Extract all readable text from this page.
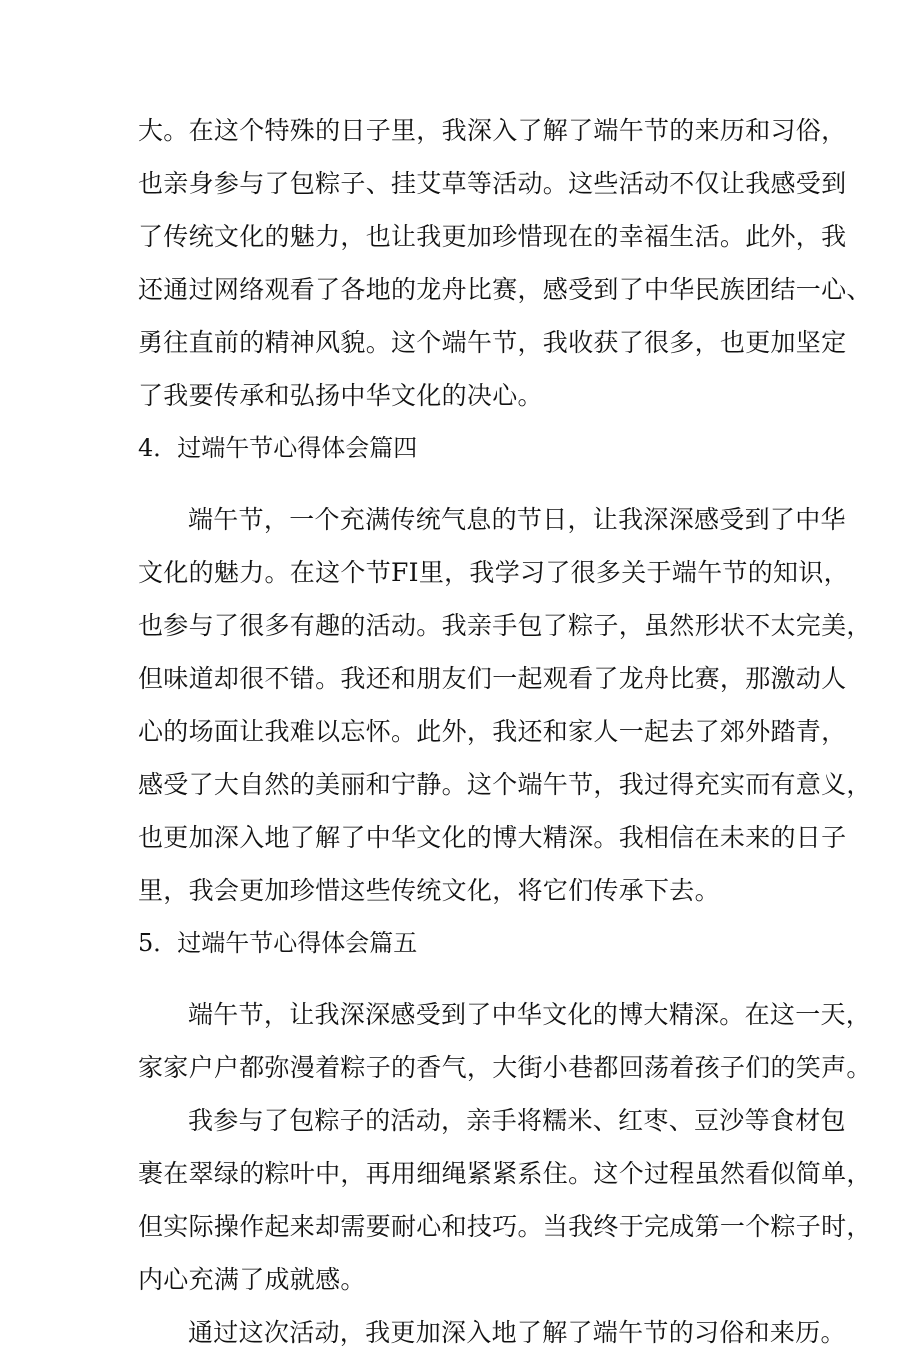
大。在这个特殊的日子里，我深入了解了端午节的来历和习俗，
也亲身参与了包粽子、挂艾草等活动。这些活动不仅让我感受到
了传统文化的魅力，也让我更加珍惜现在的幸福生活。此外，我
还通过网络观看了各地的龙舟比赛，感受到了中华民族团结一心、
勇往直前的精神风貌。这个端午节，我收获了很多，也更加坚定
了我要传承和弘扬中华文化的决心。
4．过端午节心得体会篇四
端午节，一个充满传统气息的节日，让我深深感受到了中华
文化的魅力。在这个节FI里，我学习了很多关于端午节的知识，
也参与了很多有趣的活动。我亲手包了粽子，虽然形状不太完美，
但味道却很不错。我还和朋友们一起观看了龙舟比赛，那激动人
心的场面让我难以忘怀。此外，我还和家人一起去了郊外踏青，
感受了大自然的美丽和宁静。这个端午节，我过得充实而有意义，
也更加深入地了解了中华文化的博大精深。我相信在未来的日子
里，我会更加珍惜这些传统文化，将它们传承下去。
5．过端午节心得体会篇五
端午节，让我深深感受到了中华文化的博大精深。在这一天，
家家户户都弥漫着粽子的香气，大街小巷都回荡着孩子们的笑声。
我参与了包粽子的活动，亲手将糯米、红枣、豆沙等食材包
裹在翠绿的粽叶中，再用细绳紧紧系住。这个过程虽然看似简单，
但实际操作起来却需要耐心和技巧。当我终于完成第一个粽子时，
内心充满了成就感。
通过这次活动，我更加深入地了解了端午节的习俗和来历。
